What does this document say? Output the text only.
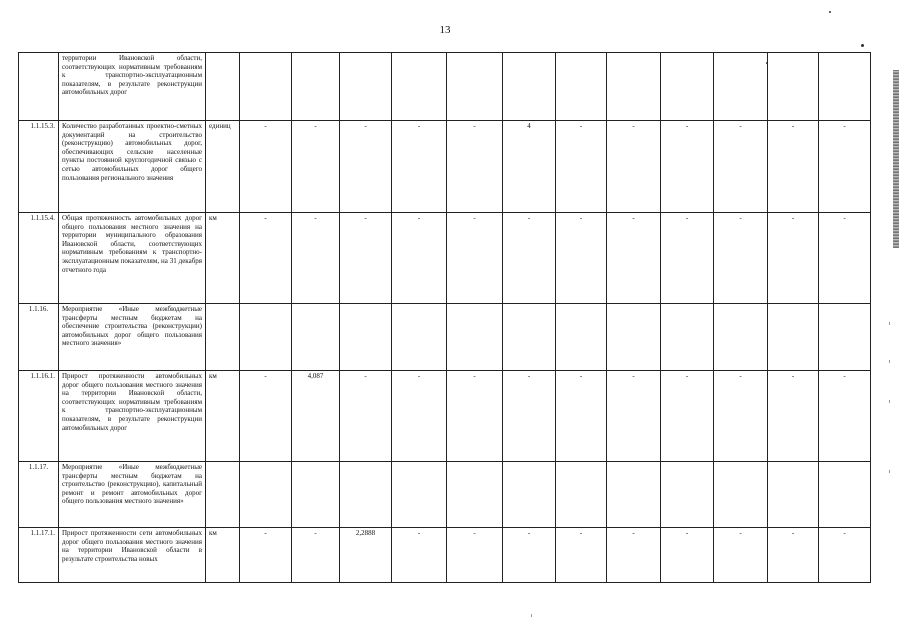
13
	территории Ивановской области, соответствующих нормативным требованиям к транспортно-эксплуатационным показателям, в результате реконструкции автомобильных дорог													
1.1.15.3.	Количество разработанных проектно-сметных документаций на строительство (реконструкцию) автомобильных дорог, обеспечивающих сельские населенные пункты постоянной круглогодичной связью с сетью автомобильных дорог общего пользования регионального значения	единиц	-	-	-	-	-	4	-	-	-	-	-	-
1.1.15.4.	Общая протяженность автомобильных дорог общего пользования местного значения на территории муниципального образования Ивановской области, соответствующих нормативным требованиям к транспортно-эксплуатационным показателям, на 31 декабря отчетного года	км	-	-	-	-	-	-	-	-	-	-	-	-
1.1.16.	Мероприятие «Иные межбюджетные трансферты местным бюджетам на обеспечение строительства (реконструкции) автомобильных дорог общего пользования местного значения»													
1.1.16.1.	Прирост протяженности автомобильных дорог общего пользования местного значения на территории Ивановской области, соответствующих нормативным требованиям к транспортно-эксплуатационным показателям, в результате реконструкции автомобильных дорог	км	-	4,087	-	-	-	-	-	-	-	-	-	-
1.1.17.	Мероприятие «Иные межбюджетные трансферты местным бюджетам на строительство (реконструкцию), капитальный ремонт и ремонт автомобильных дорог общего пользования местного значения»													
1.1.17.1.	Прирост протяженности сети автомобильных дорог общего пользования местного значения на территории Ивановской области в результате строительства новых	км	-	-	2,2888	-	-	-	-	-	-	-	-	-
